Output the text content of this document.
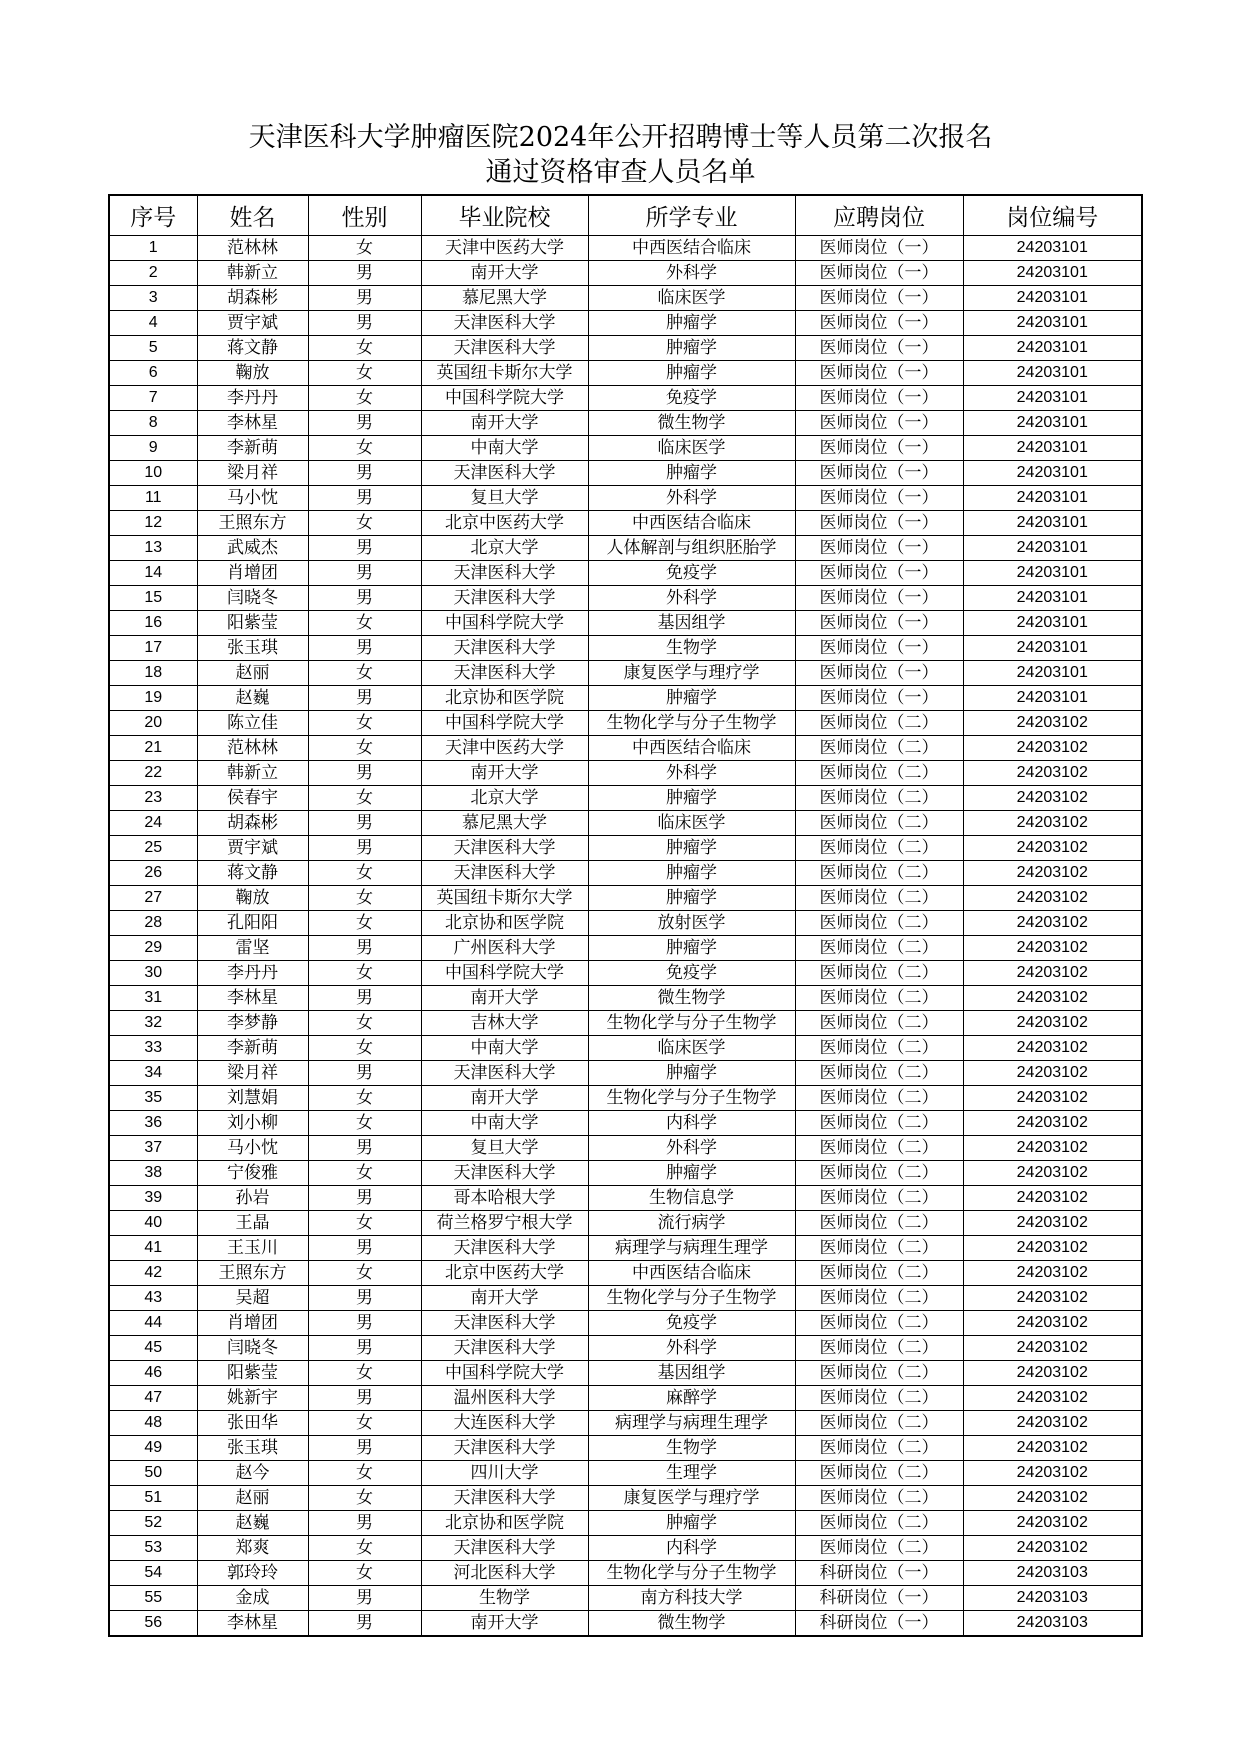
天津医科大学肿瘤医院2024年公开招聘博士等人员第二次报名
通过资格审查人员名单
序号	姓名	性别	毕业院校	所学专业	应聘岗位	岗位编号
1	范林林	女	天津中医药大学	中西医结合临床	医师岗位（一）	24203101
2	韩新立	男	南开大学	外科学	医师岗位（一）	24203101
3	胡森彬	男	慕尼黑大学	临床医学	医师岗位（一）	24203101
4	贾宇斌	男	天津医科大学	肿瘤学	医师岗位（一）	24203101
5	蒋文静	女	天津医科大学	肿瘤学	医师岗位（一）	24203101
6	鞠放	女	英国纽卡斯尔大学	肿瘤学	医师岗位（一）	24203101
7	李丹丹	女	中国科学院大学	免疫学	医师岗位（一）	24203101
8	李林星	男	南开大学	微生物学	医师岗位（一）	24203101
9	李新萌	女	中南大学	临床医学	医师岗位（一）	24203101
10	梁月祥	男	天津医科大学	肿瘤学	医师岗位（一）	24203101
11	马小忱	男	复旦大学	外科学	医师岗位（一）	24203101
12	王照东方	女	北京中医药大学	中西医结合临床	医师岗位（一）	24203101
13	武威杰	男	北京大学	人体解剖与组织胚胎学	医师岗位（一）	24203101
14	肖增团	男	天津医科大学	免疫学	医师岗位（一）	24203101
15	闫晓冬	男	天津医科大学	外科学	医师岗位（一）	24203101
16	阳紫莹	女	中国科学院大学	基因组学	医师岗位（一）	24203101
17	张玉琪	男	天津医科大学	生物学	医师岗位（一）	24203101
18	赵丽	女	天津医科大学	康复医学与理疗学	医师岗位（一）	24203101
19	赵巍	男	北京协和医学院	肿瘤学	医师岗位（一）	24203101
20	陈立佳	女	中国科学院大学	生物化学与分子生物学	医师岗位（二）	24203102
21	范林林	女	天津中医药大学	中西医结合临床	医师岗位（二）	24203102
22	韩新立	男	南开大学	外科学	医师岗位（二）	24203102
23	侯春宇	女	北京大学	肿瘤学	医师岗位（二）	24203102
24	胡森彬	男	慕尼黑大学	临床医学	医师岗位（二）	24203102
25	贾宇斌	男	天津医科大学	肿瘤学	医师岗位（二）	24203102
26	蒋文静	女	天津医科大学	肿瘤学	医师岗位（二）	24203102
27	鞠放	女	英国纽卡斯尔大学	肿瘤学	医师岗位（二）	24203102
28	孔阳阳	女	北京协和医学院	放射医学	医师岗位（二）	24203102
29	雷坚	男	广州医科大学	肿瘤学	医师岗位（二）	24203102
30	李丹丹	女	中国科学院大学	免疫学	医师岗位（二）	24203102
31	李林星	男	南开大学	微生物学	医师岗位（二）	24203102
32	李梦静	女	吉林大学	生物化学与分子生物学	医师岗位（二）	24203102
33	李新萌	女	中南大学	临床医学	医师岗位（二）	24203102
34	梁月祥	男	天津医科大学	肿瘤学	医师岗位（二）	24203102
35	刘慧娟	女	南开大学	生物化学与分子生物学	医师岗位（二）	24203102
36	刘小柳	女	中南大学	内科学	医师岗位（二）	24203102
37	马小忱	男	复旦大学	外科学	医师岗位（二）	24203102
38	宁俊雅	女	天津医科大学	肿瘤学	医师岗位（二）	24203102
39	孙岩	男	哥本哈根大学	生物信息学	医师岗位（二）	24203102
40	王晶	女	荷兰格罗宁根大学	流行病学	医师岗位（二）	24203102
41	王玉川	男	天津医科大学	病理学与病理生理学	医师岗位（二）	24203102
42	王照东方	女	北京中医药大学	中西医结合临床	医师岗位（二）	24203102
43	吴超	男	南开大学	生物化学与分子生物学	医师岗位（二）	24203102
44	肖增团	男	天津医科大学	免疫学	医师岗位（二）	24203102
45	闫晓冬	男	天津医科大学	外科学	医师岗位（二）	24203102
46	阳紫莹	女	中国科学院大学	基因组学	医师岗位（二）	24203102
47	姚新宇	男	温州医科大学	麻醉学	医师岗位（二）	24203102
48	张田华	女	大连医科大学	病理学与病理生理学	医师岗位（二）	24203102
49	张玉琪	男	天津医科大学	生物学	医师岗位（二）	24203102
50	赵今	女	四川大学	生理学	医师岗位（二）	24203102
51	赵丽	女	天津医科大学	康复医学与理疗学	医师岗位（二）	24203102
52	赵巍	男	北京协和医学院	肿瘤学	医师岗位（二）	24203102
53	郑爽	女	天津医科大学	内科学	医师岗位（二）	24203102
54	郭玲玲	女	河北医科大学	生物化学与分子生物学	科研岗位（一）	24203103
55	金成	男	生物学	南方科技大学	科研岗位（一）	24203103
56	李林星	男	南开大学	微生物学	科研岗位（一）	24203103
